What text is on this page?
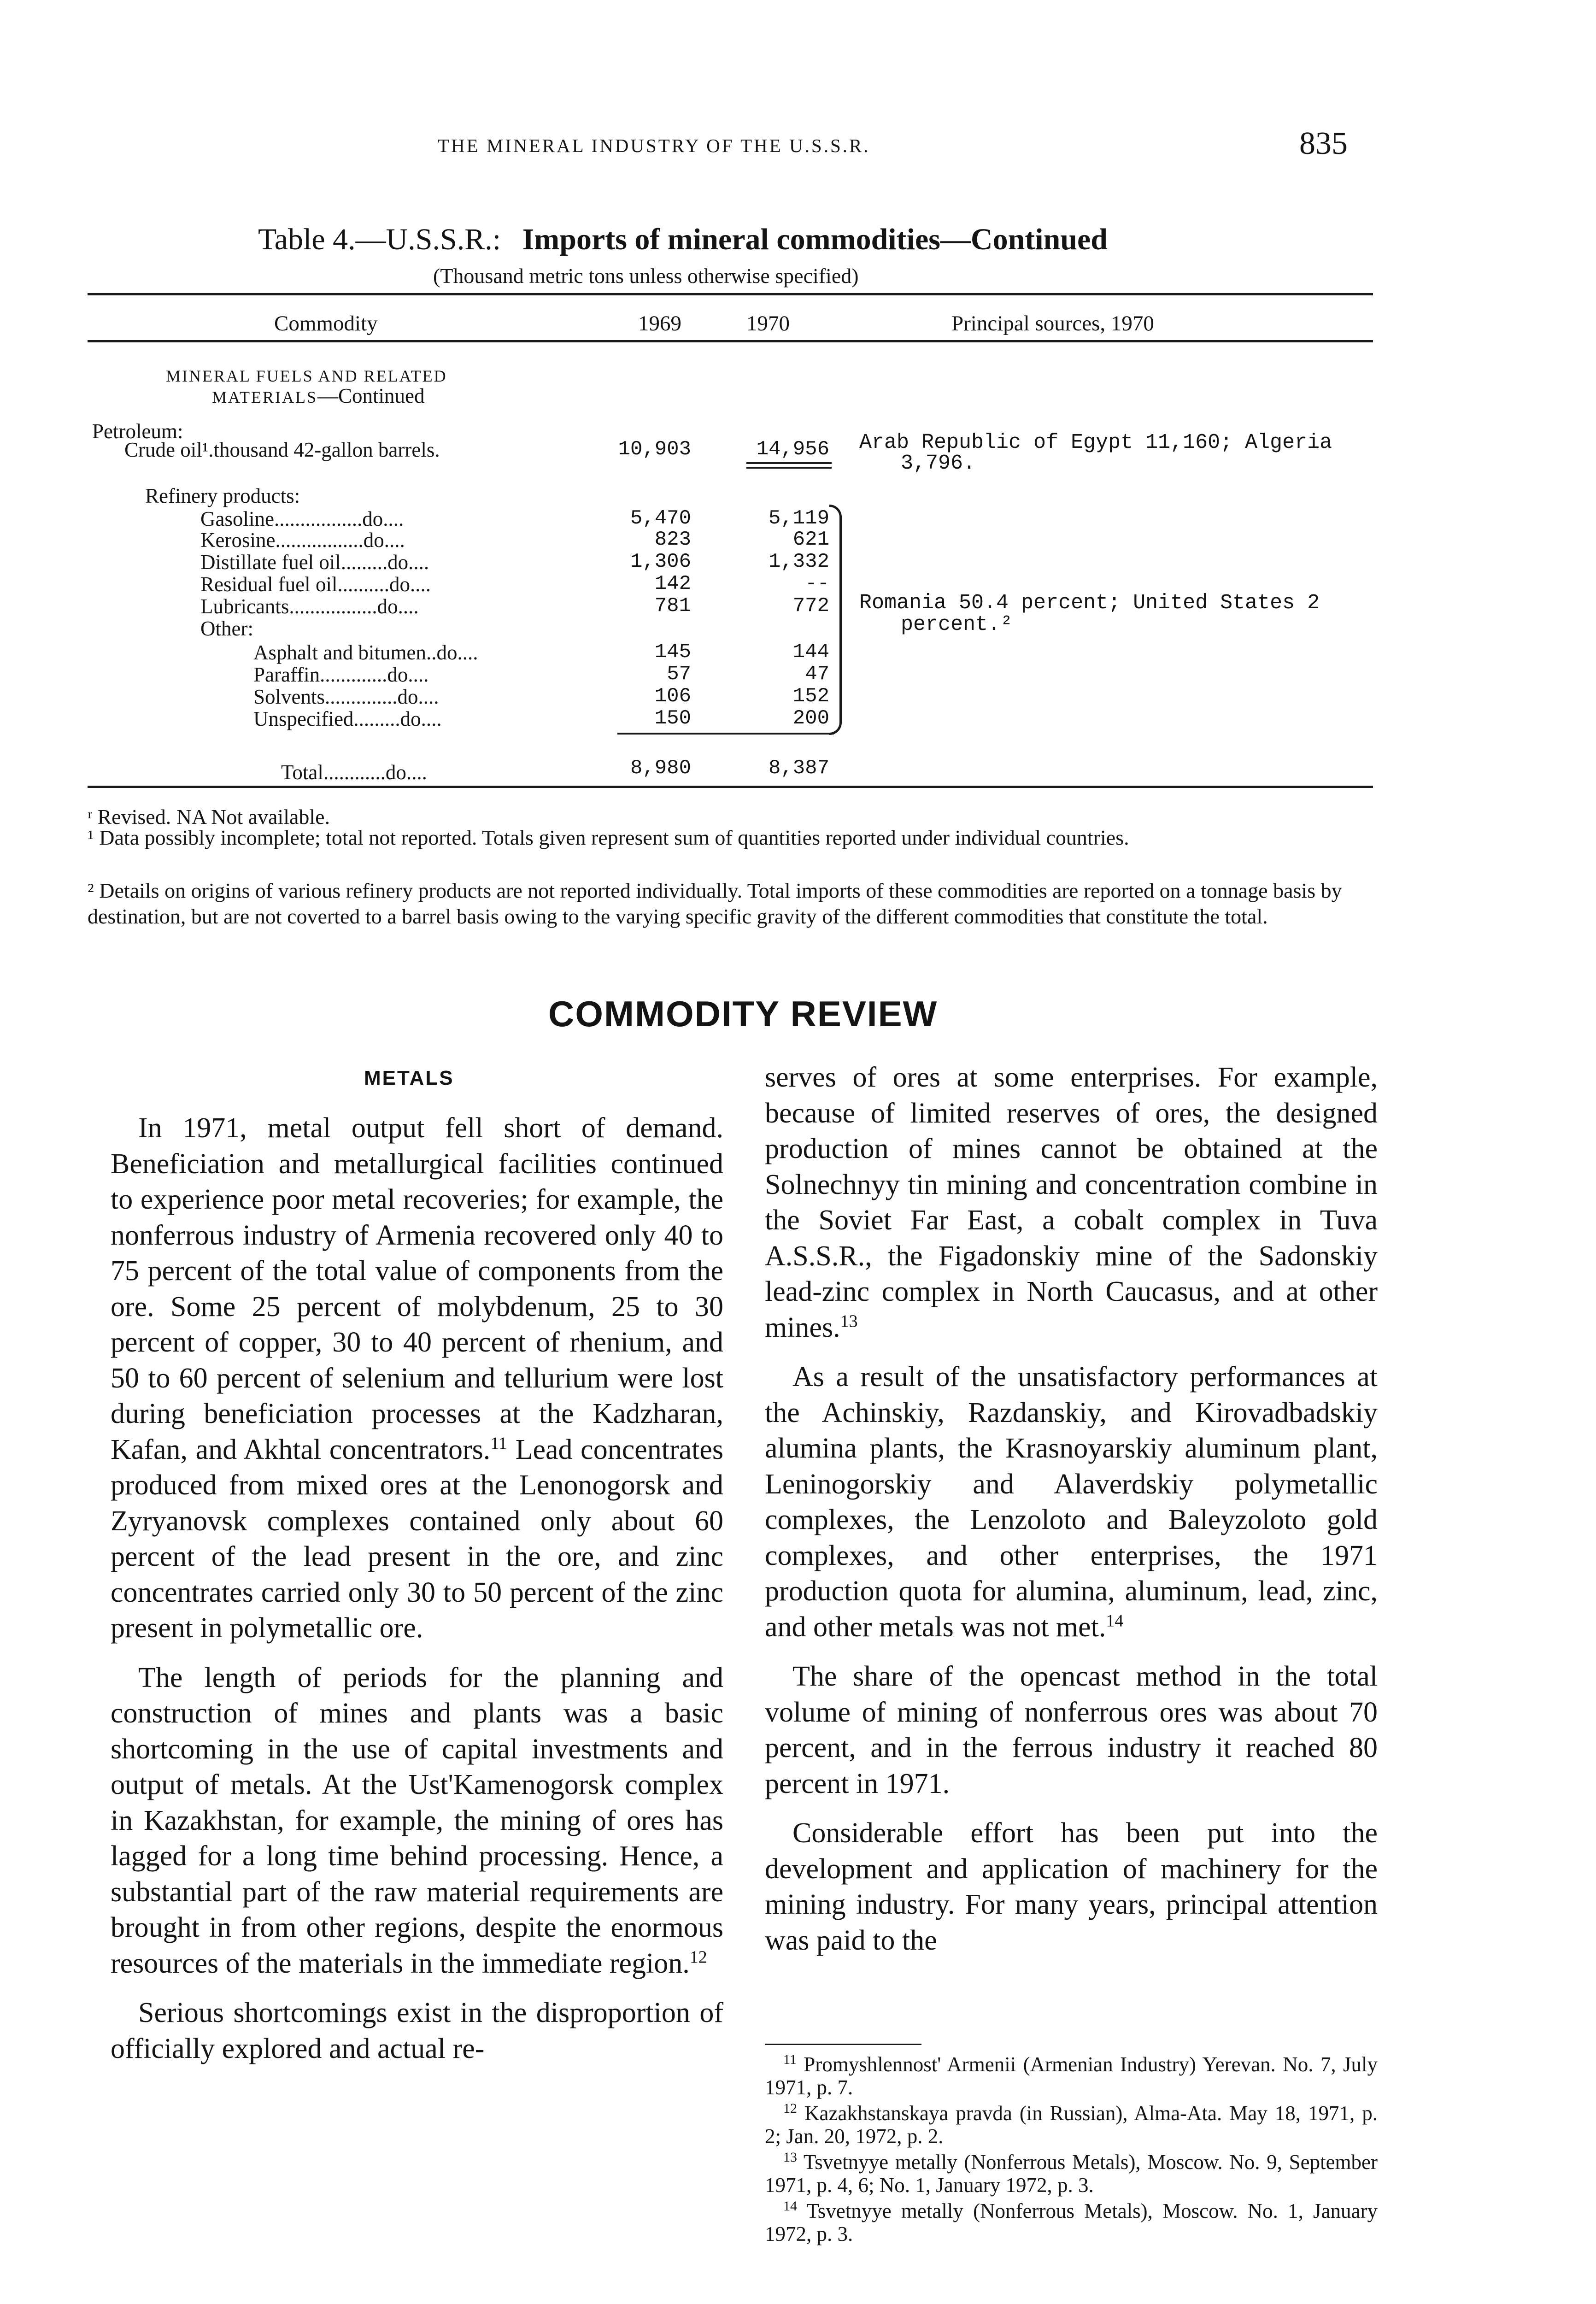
THE MINERAL INDUSTRY OF THE U.S.S.R.	835
Table 4.—U.S.S.R.: Imports of mineral commodities—Continued
(Thousand metric tons unless otherwise specified)
Commodity	1969	1970	Principal sources, 1970
MINERAL FUELS AND RELATED
MATERIALS—Continued
Petroleum:
Crude oil¹.thousand 42-gallon barrels.	10,903	14,956 Arab Republic of Egypt 11,160; Algeria
3,796.
Refinery products:
Gasoline.................do....	5,470	5,119
Kerosine.................do....	823	621
Distillate fuel oil.........do....	1,306	1,332
Residual fuel oil..........do....	142	--
Lubricants.................do....	781	772
Other:
Asphalt and bitumen..do....	145	144
Paraffin.............do....	57	47
Solvents..............do....	106	152
Unspecified.........do....	150	200
Romania 50.4 percent; United States 2
percent.²
Total............do....	8,980	8,387
ʳ Revised. NA Not available.
¹ Data possibly incomplete; total not reported. Totals given represent sum of quantities reported under individual countries.
² Details on origins of various refinery products are not reported individually. Total imports of these commodities are reported on a tonnage basis by destination, but are not coverted to a barrel basis owing to the varying specific gravity of the different commodities that constitute the total.
COMMODITY REVIEW
METALS

In 1971, metal output fell short of demand. Beneficiation and metallurgical facilities continued to experience poor metal recoveries; for example, the nonferrous industry of Armenia recovered only 40 to 75 percent of the total value of components from the ore. Some 25 percent of molybdenum, 25 to 30 percent of copper, 30 to 40 percent of rhenium, and 50 to 60 percent of selenium and tellurium were lost during beneficiation processes at the Kadzharan, Kafan, and Akhtal concentrators.$^{11}$ Lead concentrates produced from mixed ores at the Lenonogorsk and Zyryanovsk complexes contained only about 60 percent of the lead present in the ore, and zinc concentrates carried only 30 to 50 percent of the zinc present in polymetallic ore.

The length of periods for the planning and construction of mines and plants was a basic shortcoming in the use of capital investments and output of metals. At the Ust'Kamenogorsk complex in Kazakhstan, for example, the mining of ores has lagged for a long time behind processing. Hence, a substantial part of the raw material requirements are brought in from other regions, despite the enormous resources of the materials in the immediate region.$^{12}$

Serious shortcomings exist in the disproportion of officially explored and actual re-

serves of ores at some enterprises. For example, because of limited reserves of ores, the designed production of mines cannot be obtained at the Solnechnyy tin mining and concentration combine in the Soviet Far East, a cobalt complex in Tuva A.S.S.R., the Figadonskiy mine of the Sadonskiy lead-zinc complex in North Caucasus, and at other mines.$^{13}$

As a result of the unsatisfactory performances at the Achinskiy, Razdanskiy, and Kirovadbadskiy alumina plants, the Krasnoyarskiy aluminum plant, Leninogorskiy and Alaverdskiy polymetallic complexes, the Lenzoloto and Baleyzoloto gold complexes, and other enterprises, the 1971 production quota for alumina, aluminum, lead, zinc, and other metals was not met.$^{14}$

The share of the opencast method in the total volume of mining of nonferrous ores was about 70 percent, and in the ferrous industry it reached 80 percent in 1971.

Considerable effort has been put into the development and application of machinery for the mining industry. For many years, principal attention was paid to the

$^{11}$ Promyshlennost' Armenii (Armenian Industry) Yerevan. No. 7, July 1971, p. 7.

$^{12}$ Kazakhstanskaya pravda (in Russian), Alma-Ata. May 18, 1971, p. 2; Jan. 20, 1972, p. 2.

$^{13}$ Tsvetnyye metally (Nonferrous Metals), Moscow. No. 9, September 1971, p. 4, 6; No. 1, January 1972, p. 3.

$^{14}$ Tsvetnyye metally (Nonferrous Metals), Moscow. No. 1, January 1972, p. 3.
